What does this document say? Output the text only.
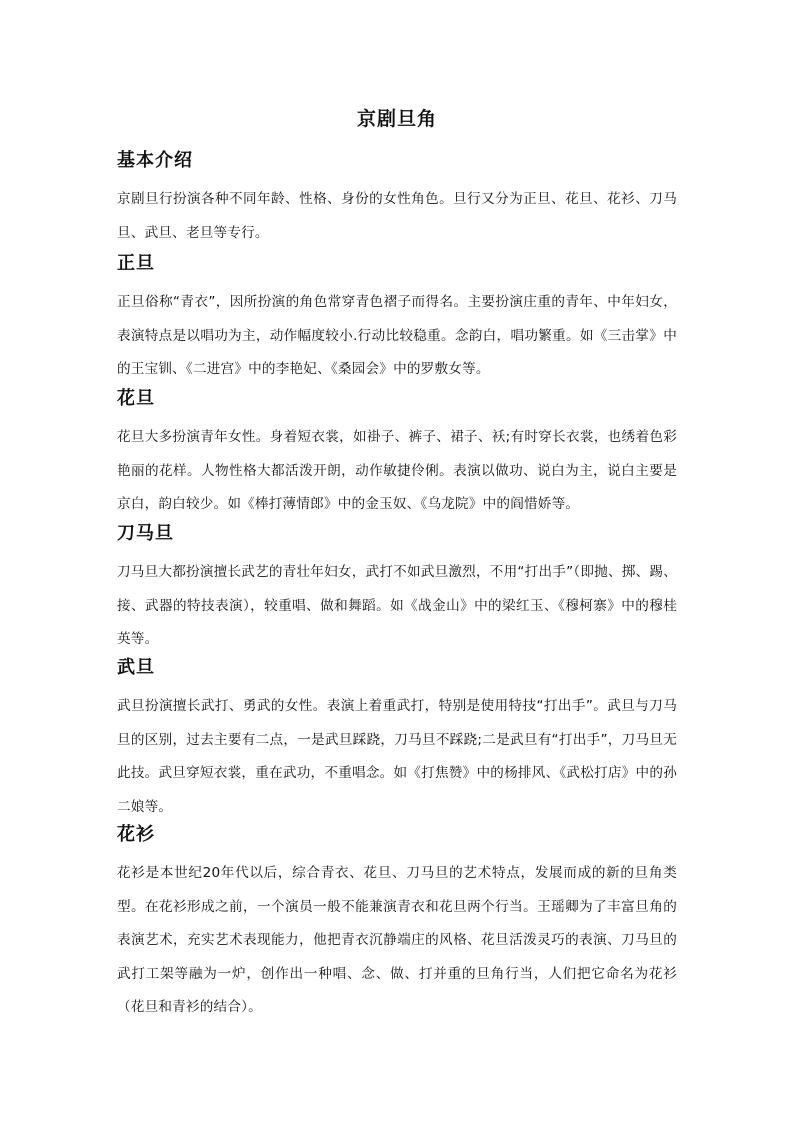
京剧旦角
基本介绍

京剧旦行扮演各种不同年龄、性格、身份的女性角色。旦行又分为正旦、花旦、花衫、刀马旦、武旦、老旦等专行。

正旦

正旦俗称“青衣”，因所扮演的角色常穿青色褶子而得名。主要扮演庄重的青年、中年妇女，表演特点是以唱功为主，动作幅度较小.行动比较稳重。念韵白，唱功繁重。如《三击掌》中的王宝钏、《二进宫》中的李艳妃、《桑园会》中的罗敷女等。

花旦

花旦大多扮演青年女性。身着短衣裳，如褂子、裤子、裙子、袄;有时穿长衣裳，也绣着色彩艳丽的花样。人物性格大都活泼开朗，动作敏捷伶俐。表演以做功、说白为主，说白主要是京白，韵白较少。如《棒打薄情郎》中的金玉奴、《乌龙院》中的阎惜娇等。

刀马旦

刀马旦大都扮演擅长武艺的青壮年妇女，武打不如武旦激烈，不用“打出手”（即抛、掷、踢、接、武器的特技表演），较重唱、做和舞蹈。如《战金山》中的梁红玉、《穆柯寨》中的穆桂英等。

武旦

武旦扮演擅长武打、勇武的女性。表演上着重武打，特别是使用特技“打出手”。武旦与刀马旦的区别，过去主要有二点，一是武旦踩跷，刀马旦不踩跷;二是武旦有“打出手”，刀马旦无此技。武旦穿短衣裳，重在武功，不重唱念。如《打焦赞》中的杨排风、《武松打店》中的孙二娘等。

花衫

花衫是本世纪20年代以后，综合青衣、花旦、刀马旦的艺术特点，发展而成的新的旦角类型。在花衫形成之前，一个演员一般不能兼演青衣和花旦两个行当。王瑶卿为了丰富旦角的表演艺术，充实艺术表现能力，他把青衣沉静端庄的风格、花旦活泼灵巧的表演、刀马旦的武打工架等融为一炉，创作出一种唱、念、做、打并重的旦角行当，人们把它命名为花衫（花旦和青衫的结合）。
